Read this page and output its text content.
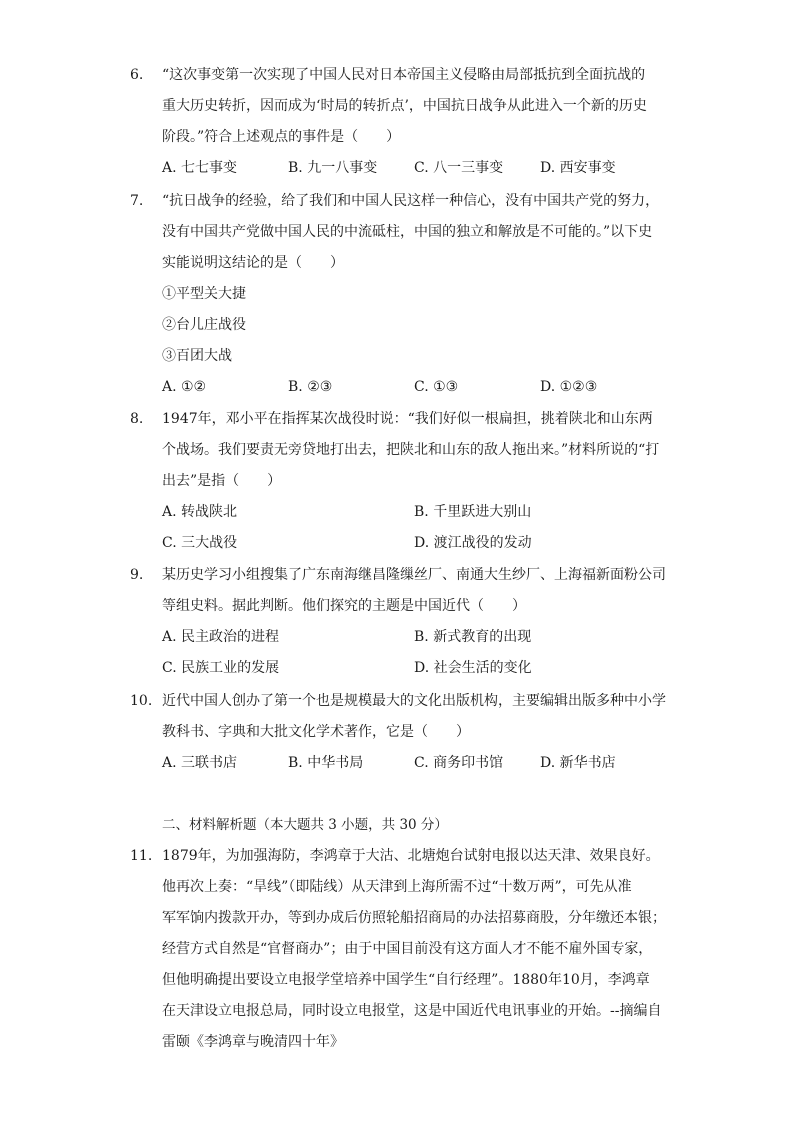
6.	“这次事变第一次实现了中国人民对日本帝国主义侵略由局部抵抗到全面抗战的
重大历史转折，因而成为‘时局的转折点’，中国抗日战争从此进入一个新的历史
阶段。”符合上述观点的事件是（　　）
A. 七七事变	B. 九一八事变	C. 八一三事变	D. 西安事变
7.	“抗日战争的经验，给了我们和中国人民这样一种信心，没有中国共产党的努力，
没有中国共产党做中国人民的中流砥柱，中国的独立和解放是不可能的。”以下史
实能说明这结论的是（　　）
①平型关大捷
②台儿庄战役
③百团大战
A. ①②	B. ②③	C. ①③	D. ①②③
8.	1947年，邓小平在指挥某次战役时说：“我们好似一根扁担，挑着陕北和山东两
个战场。我们要责无旁贷地打出去，把陕北和山东的敌人拖出来。”材料所说的“打
出去”是指（　　）
A. 转战陕北	B. 千里跃进大别山
C. 三大战役	D. 渡江战役的发动
9.	某历史学习小组搜集了广东南海继昌隆缫丝厂、南通大生纱厂、上海福新面粉公司
等组史料。据此判断。他们探究的主题是中国近代（　　）
A. 民主政治的进程	B. 新式教育的出现
C. 民族工业的发展	D. 社会生活的变化
10. 近代中国人创办了第一个也是规模最大的文化出版机构，主要编辑出版多种中小学
教科书、字典和大批文化学术著作，它是（　　）
A. 三联书店	B. 中华书局	C. 商务印书馆	D. 新华书店
二、材料解析题（本大题共 3 小题，共 30 分）
11. 1879年，为加强海防，李鸿章于大沽、北塘炮台试射电报以达天津、效果良好。
他再次上奏：“旱线”（即陆线）从天津到上海所需不过“十数万两”，可先从准
军军饷内拨款开办，等到办成后仿照轮船招商局的办法招募商股，分年缴还本银；
经营方式自然是“官督商办”；由于中国目前没有这方面人才不能不雇外国专家，
但他明确提出要设立电报学堂培养中国学生“自行经理”。1880年10月，李鸿章
在天津设立电报总局，同时设立电报堂，这是中国近代电讯事业的开始。--摘编自
雷颐《李鸿章与晚清四十年》
